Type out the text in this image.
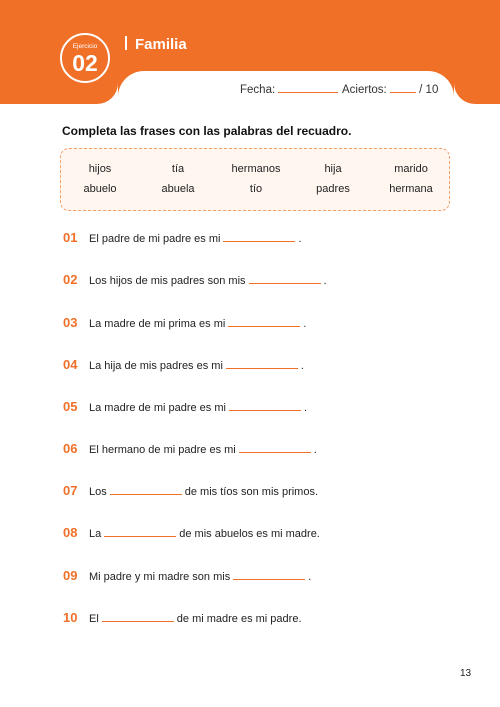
Ejercicio
02
Familia
Fecha:	Aciertos:	/ 10
Completa las frases con las palabras del recuadro.
hijos	tía	hermanos	hija	marido
abuelo	abuela	tío	padres	hermana
01 El padre de mi padre es mi	.
02 Los hijos de mis padres son mis	.
03 La madre de mi prima es mi	.
04 La hija de mis padres es mi	.
05 La madre de mi padre es mi	.
06 El hermano de mi padre es mi	.
07 Los	de mis tíos son mis primos.
08 La	de mis abuelos es mi madre.
09 Mi padre y mi madre son mis	.
10 El	de mi madre es mi padre.
13
